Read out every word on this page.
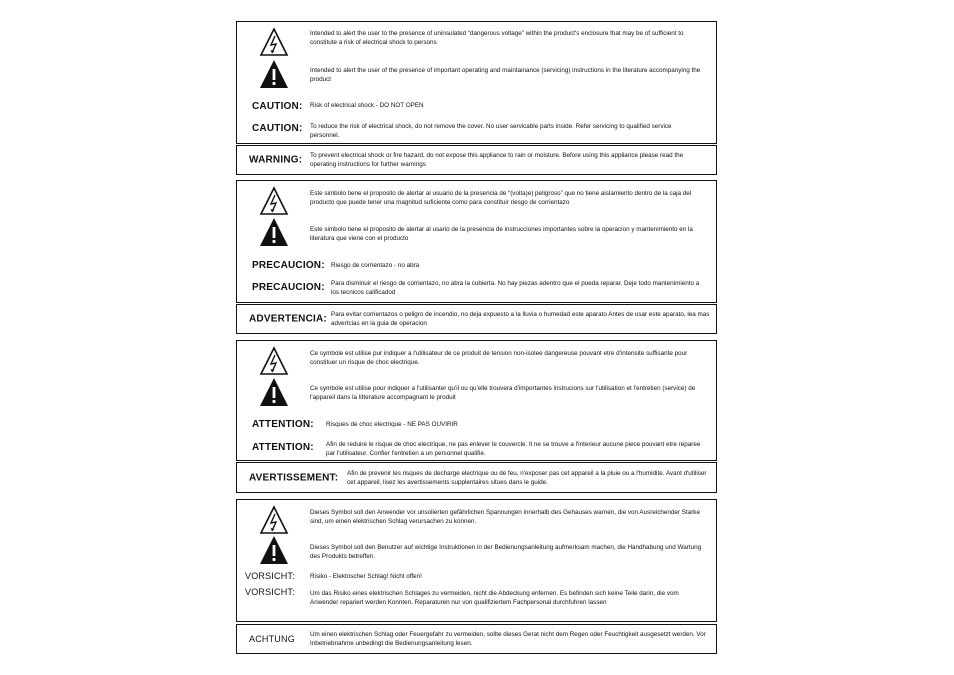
Intended to alert the user to the presence of uninsulated “dangerous voltage” within the product's enclosure that may be of sufficient to constitute a risk of electrical shock to persons
Intended to alert the user of the presence of important operating and maintainance (servicing) instructions in the literature accompanying the product
CAUTION: Risk of electrical shock - DO NOT OPEN
CAUTION: To reduce the risk of electrical shock, do not remove the cover. No user servicable parts inside. Refer servicing to qualified service personnel.
WARNING: To prevent electrical shock or fire hazard, do not expose this appliance to rain or moisture. Before using this appliance please read the operating instructions for further warnings
Este simbolo tiene el proposito de alertar al usuario de la presencia de “(volta)e) peligroso” que no tiene aislamiento dentro de la caja del producto que puede tener una magnitud suficiente como para constituir riesgo de corrientazo
Este simbolo tiene el proposito de alertar al usario de la presencia de instrucciones importantes sobre la operacion y mantenimiento en la literatura que viene con el producto
PRECAUCION: Riesgo de corrientazo - no abra
PRECAUCION: Para disminuir el riesgo de corrientazo, no abra la cubierta. No hay piezas adentro que el pueda reparar. Deje todo mantenimiento a los tecnicos calificadod
ADVERTENCIA: Para evitar corrientazos o peligro de incendio, no deja expuesto a la lluvia o humedad este aparato Antes de usar este aparato, lea mas advertcias en la guia de operacion
Ce symbole est utilise pur indiquer a l'utilisateur de ce produit de tension non-isolee dangereuse pouvant etre d'intensite suffisante pour constituer un risque de choc electrique.
Ce symbole est utilise pour indiquer a l'utilisanter qu'il ou qu'elle trouvera d'importantes instrucions sur l'utilisation et l'entretien (service) de l'appareil dans la litterature accompagnant le produit
ATTENTION: Risques de choc electrique - NE PAS OUVIRIR
ATTENTION: Afin de reduire le risque de choc electrique, ne pas enlever le couvercle. Il ne se trouve a l'interieur aucune piece pouvant etre reparee par l'utilisateur. Confier l'entretien a un personnel qualifie.
AVERTISSEMENT: Afin de prevenir les risques de decharge electrique ou de feu, n'exposer pas cet appareil a la pluie ou a l'humidite. Avant d'utiliser cet appareil, lisez les avertissements supplentaires situes dans le guide.
Dieses Symbol soll den Anwender vor unsolierten gefährlichen Spannungen innerhalb des Gehauses warnen, die von Ausreichender Starke sind, um einen elektrischen Schlag verursachen zu konnen.
Dieses Symbol soll den Benutzer auf wichtige Instruktionen in der Bedienungsanleitung aufmerksam machen, die Handhabung und Wartung des Produkts betreffen.
VORSICHT: Risiko - Elektrischer Schlag! Nicht offen!
VORSICHT: Um das Risiko eines elektrischen Schlages zu vermeiden, nicht die Abdeckung enfernen. Es befinden sich keine Teile darin, die vom Anwender repariert werden Konnten. Reparaturen nur von qualifiziertem Fachpersonal durchfuhren lassen
ACHTUNG Um einen elektrischen Schlag oder Feuergefahr zu vermeiden, sollte dieses Gerat nicht dem Regen oder Feuchtigkeit ausgesetzt werden. Vor Inbetriebnahme unbedingt die Bedienungsanleitung lesen.
